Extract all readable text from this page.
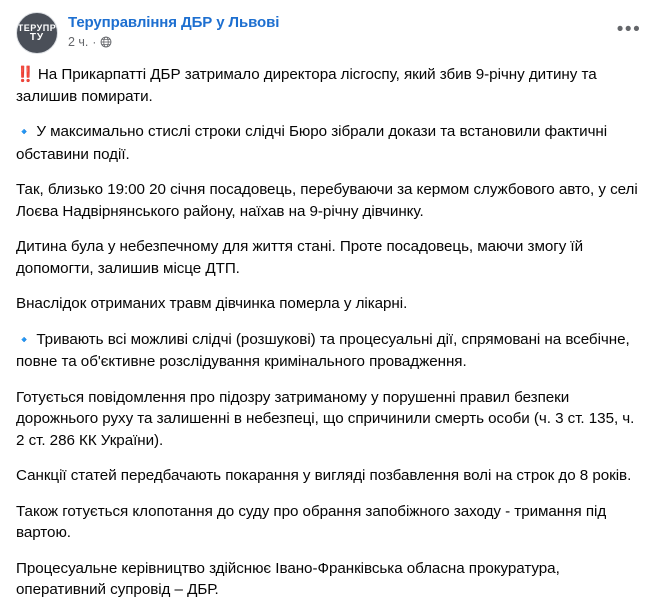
ТЕРУПР
ТУ
Теруправління ДБР у Львові
2 ч. ·
•••

‼️ На Прикарпатті ДБР затримало директора лісгоспу, який збив 9-річну дитину та залишив помирати.

🔹 У максимально стислі строки слідчі Бюро зібрали докази та встановили фактичні обставини події.

Так, близько 19:00 20 січня посадовець, перебуваючи за кермом службового авто, у селі Лоєва Надвірнянського району, наїхав на 9-річну дівчинку.

Дитина була у небезпечному для життя стані. Проте посадовець, маючи змогу їй допомогти, залишив місце ДТП.

Внаслідок отриманих травм дівчинка померла у лікарні.

🔹 Тривають всі можливі слідчі (розшукові) та процесуальні дії, спрямовані на всебічне, повне та об'єктивне розслідування кримінального провадження.

Готується повідомлення про підозру затриманому у порушенні правил безпеки дорожнього руху та залишенні в небезпеці, що спричинили смерть особи (ч. 3 ст. 135, ч. 2 ст. 286 КК України).

Санкції статей передбачають покарання у вигляді позбавлення волі на строк до 8 років.

Також готується клопотання до суду про обрання запобіжного заходу - тримання під вартою.

Процесуальне керівництво здійснює Івано-Франківська обласна прокуратура, оперативний супровід – ДБР.
